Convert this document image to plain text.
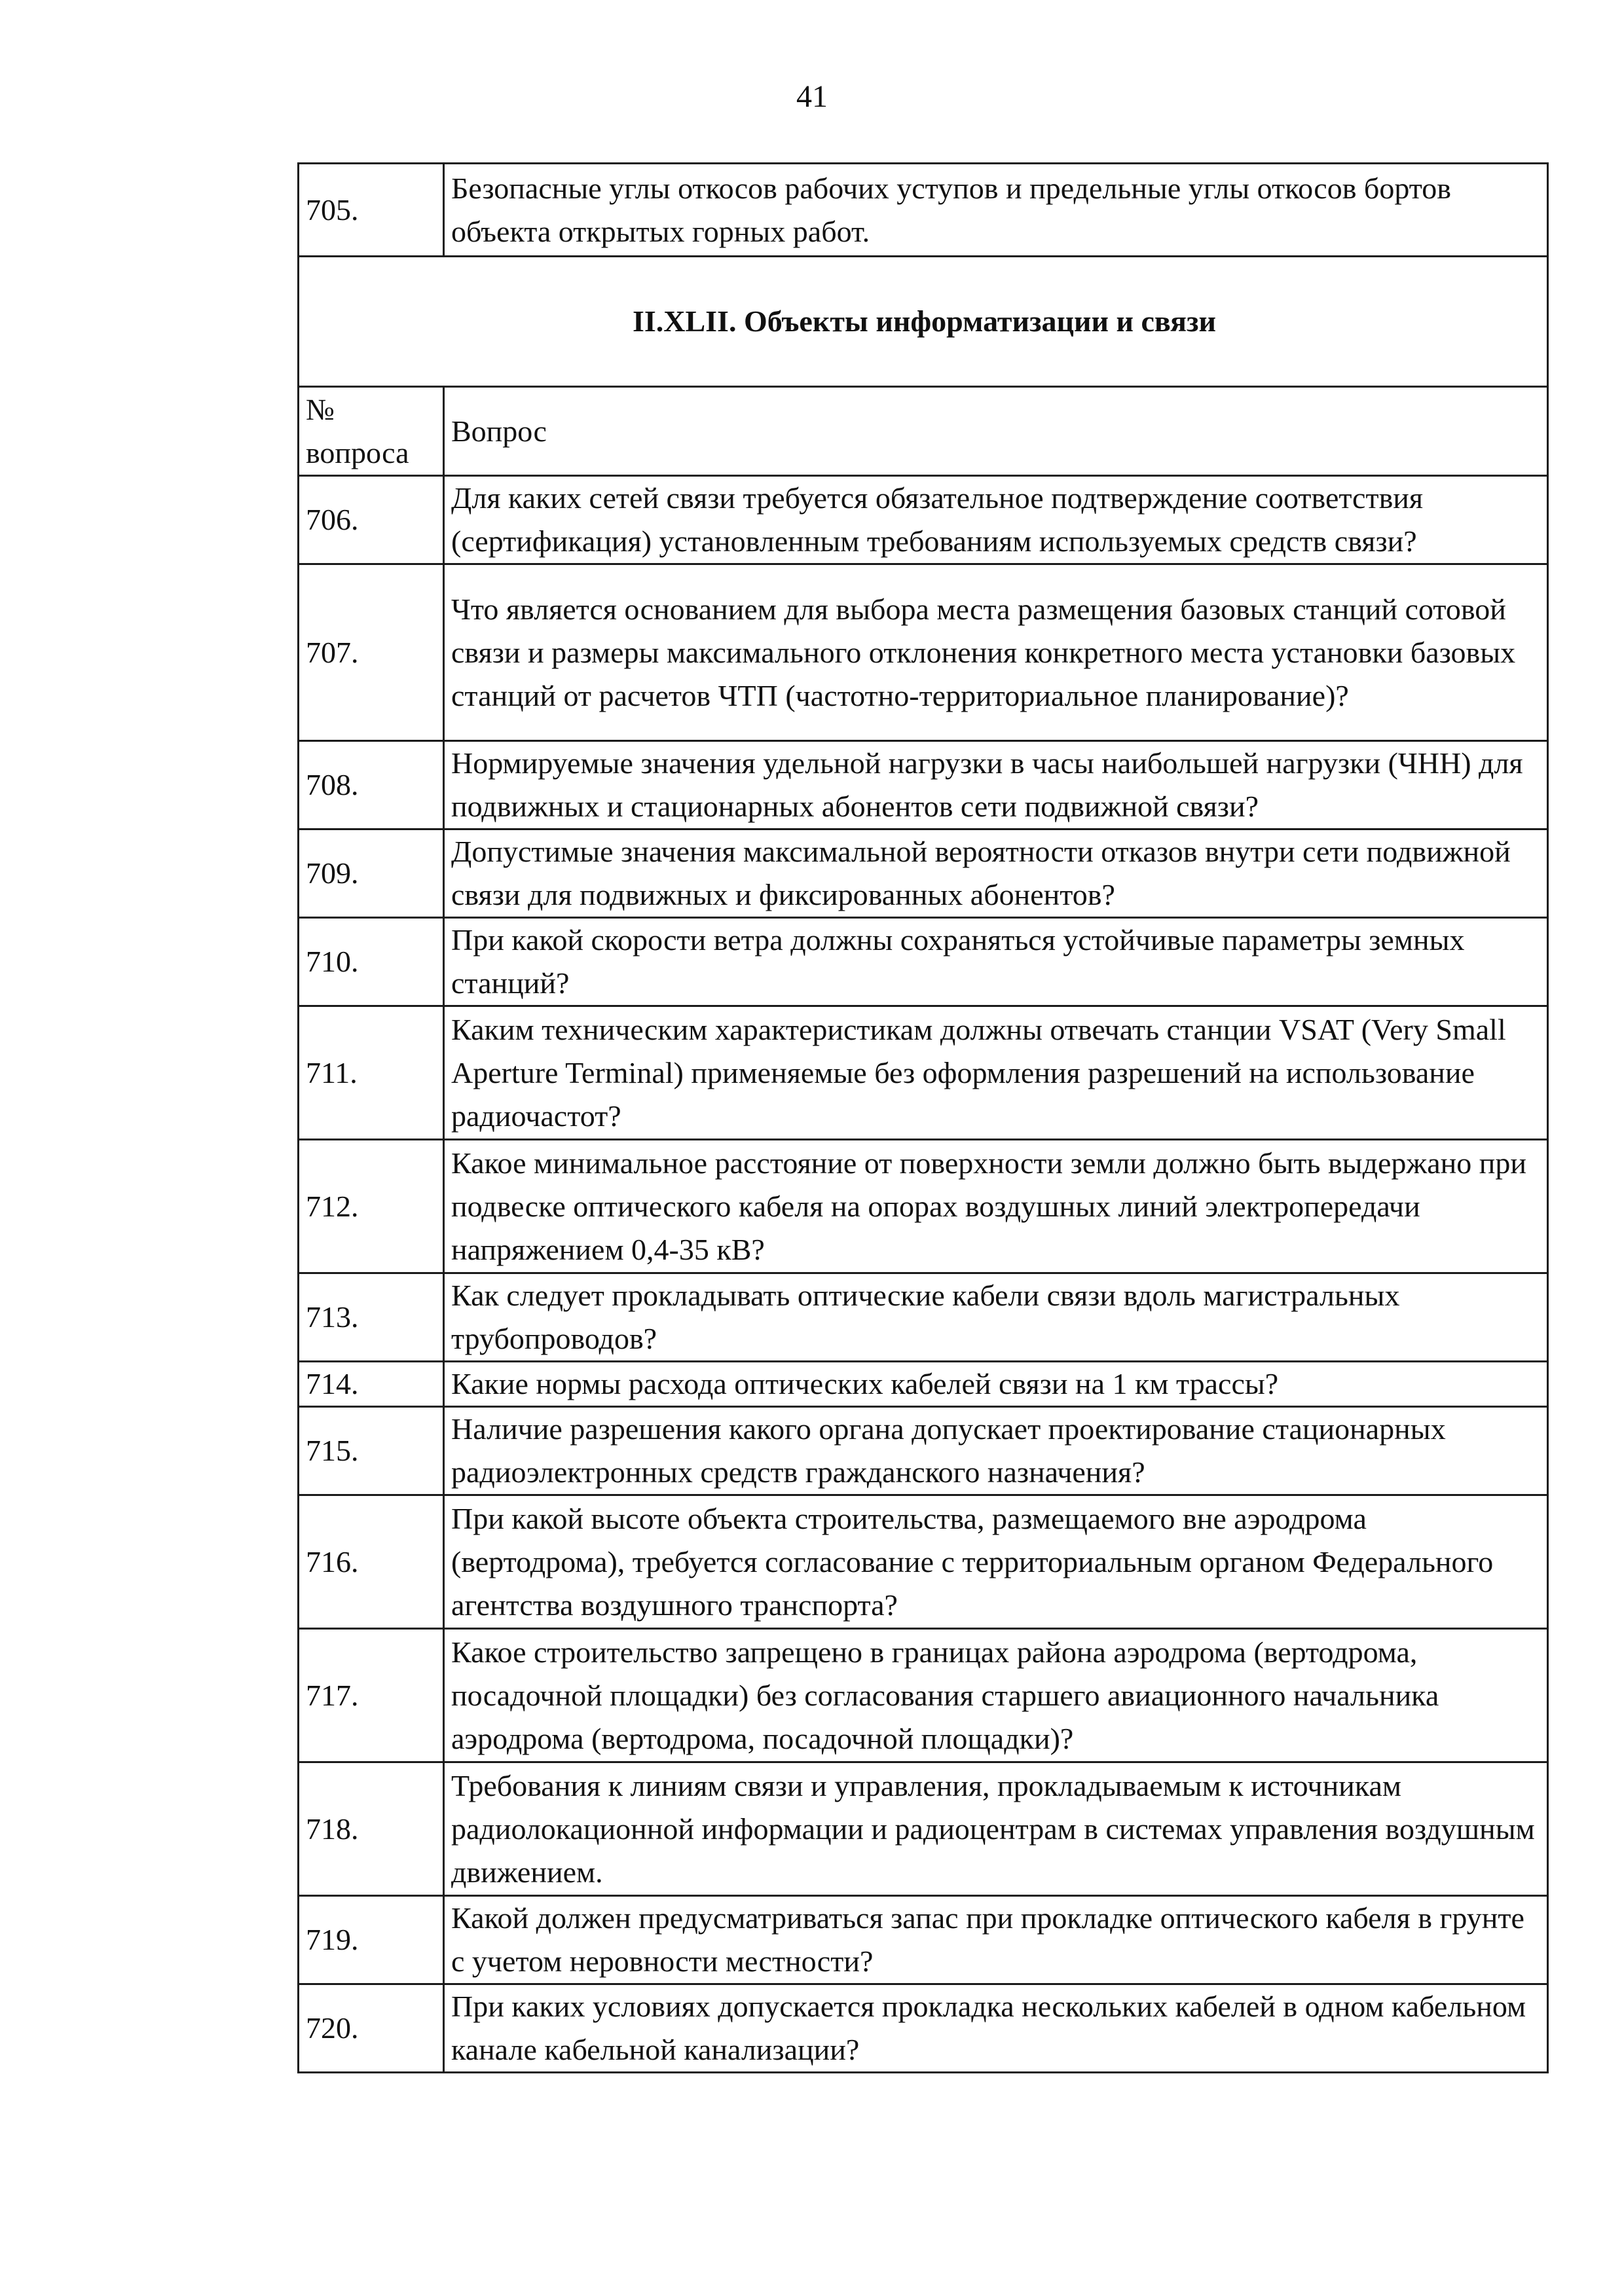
41
705.	Безопасные углы откосов рабочих уступов и предельные углы откосов бортов объекта открытых горных работ.
II.XLII. Объекты информатизации и связи	
№
вопроса	Вопрос
706.	Для каких сетей связи требуется обязательное подтверждение соответствия (сертификация) установленным требованиям используемых средств связи?
707.	Что является основанием для выбора места размещения базовых станций сотовой связи и размеры максимального отклонения конкретного места установки базовых станций от расчетов ЧТП (частотно-территориальное планирование)?
708.	Нормируемые значения удельной нагрузки в часы наибольшей нагрузки (ЧНН) для подвижных и стационарных абонентов сети подвижной связи?
709.	Допустимые значения максимальной вероятности отказов внутри сети подвижной связи для подвижных и фиксированных абонентов?
710.	При какой скорости ветра должны сохраняться устойчивые параметры земных станций?
711.	Каким техническим характеристикам должны отвечать станции VSAT (Very Small Aperture Terminal) применяемые без оформления разрешений на использование радиочастот?
712.	Какое минимальное расстояние от поверхности земли должно быть выдержано при подвеске оптического кабеля на опорах воздушных линий электропередачи напряжением 0,4-35 кВ?
713.	Как следует прокладывать оптические кабели связи вдоль магистральных трубопроводов?
714.	Какие нормы расхода оптических кабелей связи на 1 км трассы?
715.	Наличие разрешения какого органа допускает проектирование стационарных радиоэлектронных средств гражданского назначения?
716.	При какой высоте объекта строительства, размещаемого вне аэродрома (вертодрома), требуется согласование с территориальным органом Федерального агентства воздушного транспорта?
717.	Какое строительство запрещено в границах района аэродрома (вертодрома, посадочной площадки) без согласования старшего авиационного начальника аэродрома (вертодрома, посадочной площадки)?
718.	Требования к линиям связи и управления, прокладываемым к источникам радиолокационной информации и радиоцентрам в системах управления воздушным движением.
719.	Какой должен предусматриваться запас при прокладке оптического кабеля в грунте с учетом неровности местности?
720.	При каких условиях допускается прокладка нескольких кабелей в одном кабельном канале кабельной канализации?
